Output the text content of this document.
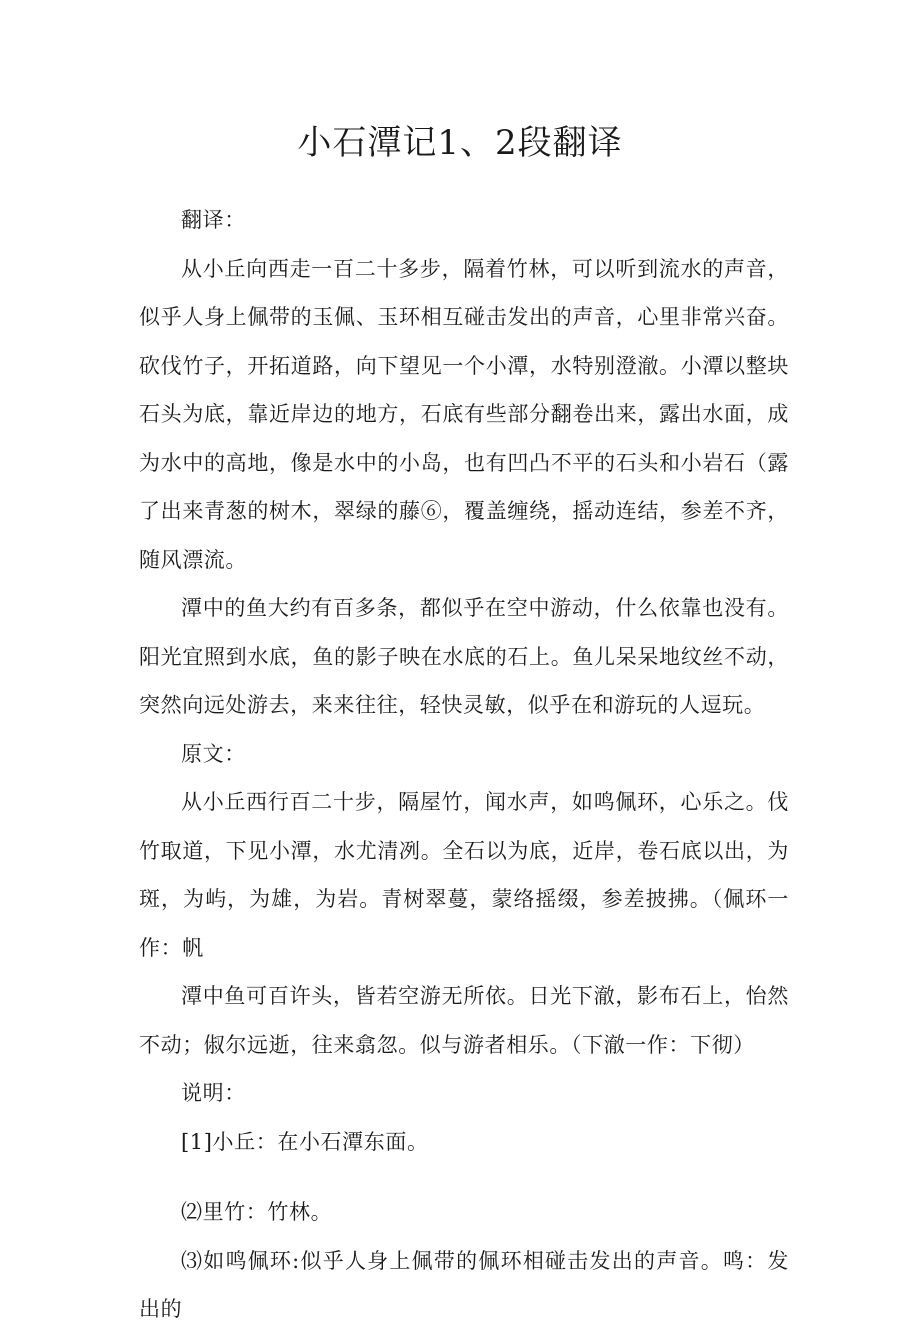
小石潭记1、2段翻译

翻译：

从小丘向西走一百二十多步，隔着竹林，可以听到流水的声音，似乎人身上佩带的玉佩、玉环相互碰击发出的声音，心里非常兴奋。砍伐竹子，开拓道路，向下望见一个小潭，水特别澄澈。小潭以整块石头为底，靠近岸边的地方，石底有些部分翻卷出来，露出水面，成为水中的高地，像是水中的小岛，也有凹凸不平的石头和小岩石（露了出来青葱的树木，翠绿的藤⑥，覆盖缠绕，摇动连结，参差不齐，随风漂流。

潭中的鱼大约有百多条，都似乎在空中游动，什么依靠也没有。阳光宜照到水底，鱼的影子映在水底的石上。鱼儿呆呆地纹丝不动，突然向远处游去，来来往往，轻快灵敏，似乎在和游玩的人逗玩。

原文：

从小丘西行百二十步，隔屋竹，闻水声，如鸣佩环，心乐之。伐竹取道，下见小潭，水尤清冽。全石以为底，近岸，卷石底以出，为斑，为屿，为雄，为岩。青树翠蔓，蒙络摇缀，参差披拂。（佩环一作：帆

潭中鱼可百许头，皆若空游无所依。日光下澈，影布石上，怡然不动；俶尔远逝，往来翕忽。似与游者相乐。（下澈一作：下彻）

说明：

[1]小丘：在小石潭东面。

⑵里竹：竹林。

⑶如鸣佩环:似乎人身上佩带的佩环相碰击发出的声音。鸣：发出的
